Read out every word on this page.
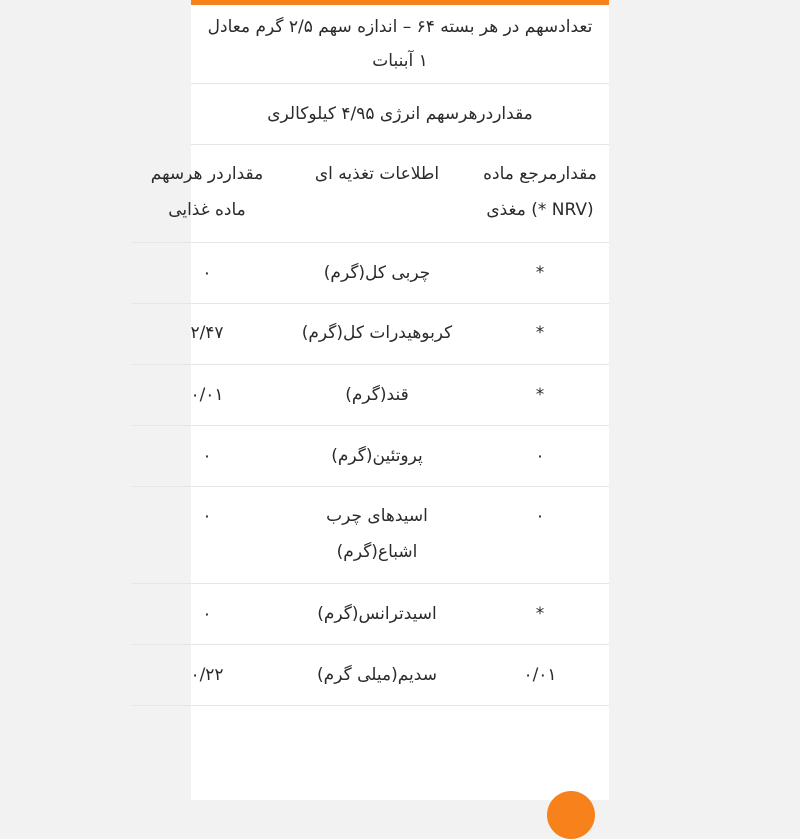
تعدادسهم در هر بسته ۶۴ – اندازه سهم ۲/۵ گرم معادل ۱ آبنبات
مقداردرهرسهم انرژی ۴/۹۵ کیلوکالری
مقدارمرجع ماده (NRV *) مغذی	اطلاعات تغذیه ای	مقداردر هرسهم ماده غذایی
*	چربی کل(گرم)	۰
*	کربوهیدرات کل(گرم)	۲/۴۷
*	قند(گرم)	۰/۰۱
۰	پروتئین(گرم)	۰
۰	اسیدهای چرب اشباع(گرم)	۰
*	اسیدترانس(گرم)	۰
۰/۰۱	سدیم(میلی گرم)	۰/۲۲
